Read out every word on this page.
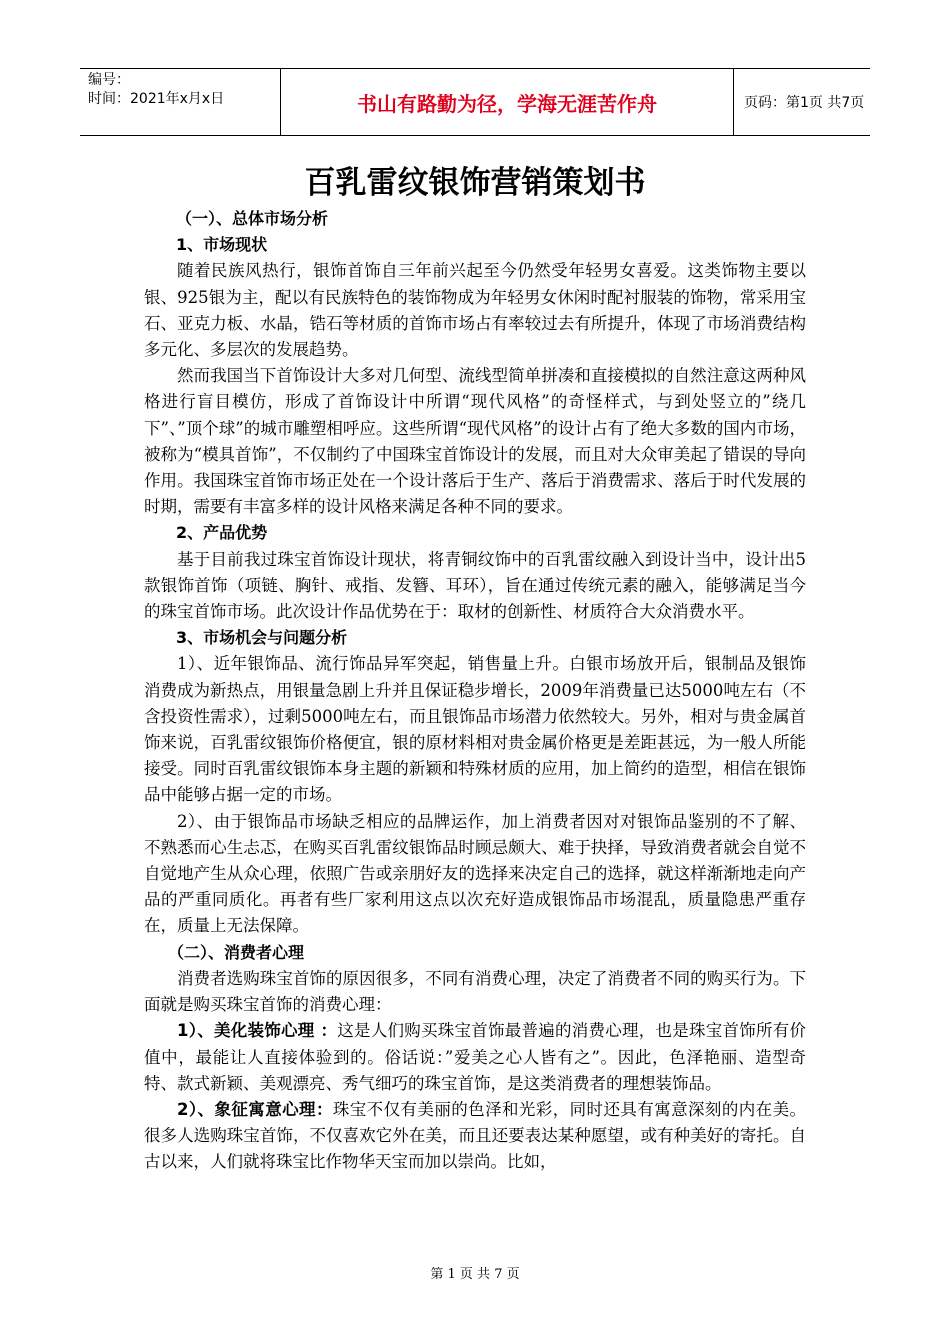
编号：
时间：2021年x月x日	书山有路勤为径，学海无涯苦作舟	页码：第1页 共7页
百乳雷纹银饰营销策划书

（一）、总体市场分析

1、市场现状

随着民族风热行，银饰首饰自三年前兴起至今仍然受年轻男女喜爱。这类饰物主要以银、925银为主，配以有民族特色的装饰物成为年轻男女休闲时配衬服装的饰物，常采用宝石、亚克力板、水晶，锆石等材质的首饰市场占有率较过去有所提升，体现了市场消费结构多元化、多层次的发展趋势。

然而我国当下首饰设计大多对几何型、流线型简单拼凑和直接模拟的自然注意这两种风格进行盲目模仿，形成了首饰设计中所谓“现代风格”的奇怪样式，与到处竖立的”绕几下”、”顶个球”的城市雕塑相呼应。这些所谓“现代风格”的设计占有了绝大多数的国内市场，被称为“模具首饰”，不仅制约了中国珠宝首饰设计的发展，而且对大众审美起了错误的导向作用。我国珠宝首饰市场正处在一个设计落后于生产、落后于消费需求、落后于时代发展的时期，需要有丰富多样的设计风格来满足各种不同的要求。

2、产品优势

基于目前我过珠宝首饰设计现状，将青铜纹饰中的百乳雷纹融入到设计当中，设计出5款银饰首饰（项链、胸针、戒指、发簪、耳环），旨在通过传统元素的融入，能够满足当今的珠宝首饰市场。此次设计作品优势在于：取材的创新性、材质符合大众消费水平。

3、市场机会与问题分析

1）、近年银饰品、流行饰品异军突起，销售量上升。白银市场放开后，银制品及银饰消费成为新热点，用银量急剧上升并且保证稳步增长，2009年消费量已达5000吨左右（不含投资性需求），过剩5000吨左右，而且银饰品市场潜力依然较大。另外，相对与贵金属首饰来说，百乳雷纹银饰价格便宜，银的原材料相对贵金属价格更是差距甚远，为一般人所能接受。同时百乳雷纹银饰本身主题的新颖和特殊材质的应用，加上简约的造型，相信在银饰品中能够占据一定的市场。

2）、由于银饰品市场缺乏相应的品牌运作，加上消费者因对对银饰品鉴别的不了解、不熟悉而心生忐忑，在购买百乳雷纹银饰品时顾忌颇大、难于抉择，导致消费者就会自觉不自觉地产生从众心理，依照广告或亲朋好友的选择来决定自己的选择，就这样渐渐地走向产品的严重同质化。再者有些厂家利用这点以次充好造成银饰品市场混乱，质量隐患严重存在，质量上无法保障。

（二）、消费者心理

消费者选购珠宝首饰的原因很多，不同有消费心理，决定了消费者不同的购买行为。下面就是购买珠宝首饰的消费心理：

1）、美化装饰心理 ：这是人们购买珠宝首饰最普遍的消费心理，也是珠宝首饰所有价值中，最能让人直接体验到的。俗话说：”爱美之心人皆有之”。因此，色泽艳丽、造型奇特、款式新颖、美观漂亮、秀气细巧的珠宝首饰，是这类消费者的理想装饰品。

2）、象征寓意心理：珠宝不仅有美丽的色泽和光彩，同时还具有寓意深刻的内在美。很多人选购珠宝首饰，不仅喜欢它外在美，而且还要表达某种愿望，或有种美好的寄托。自古以来，人们就将珠宝比作物华天宝而加以崇尚。比如，

第 1 页 共 7 页
